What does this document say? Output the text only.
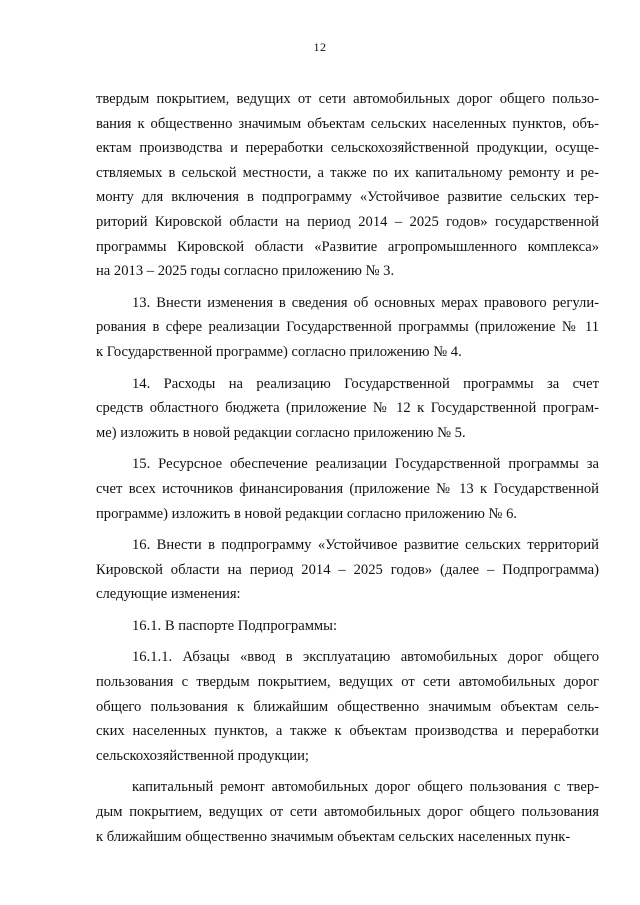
12
твердым покрытием, ведущих от сети автомобильных дорог общего пользо-
вания к общественно значимым объектам сельских населенных пунктов, объ-
ектам производства и переработки сельскохозяйственной продукции, осуще-
ствляемых в сельской местности, а также по их капитальному ремонту и ре-
монту для включения в подпрограмму «Устойчивое развитие сельских тер-
риторий Кировской области на период 2014 – 2025 годов» государственной
программы Кировской области «Развитие агропромышленного комплекса»
на 2013 – 2025 годы согласно приложению № 3.
13. Внести изменения в сведения об основных мерах правового регули-
рования в сфере реализации Государственной программы (приложение № 11
к Государственной программе) согласно приложению № 4.
14. Расходы на реализацию Государственной программы за счет
средств областного бюджета (приложение № 12 к Государственной програм-
ме) изложить в новой редакции согласно приложению № 5.
15. Ресурсное обеспечение реализации Государственной программы за
счет всех источников финансирования (приложение № 13 к Государственной
программе) изложить в новой редакции согласно приложению № 6.
16. Внести в подпрограмму «Устойчивое развитие сельских территорий
Кировской области на период 2014 – 2025 годов» (далее – Подпрограмма)
следующие изменения:
16.1. В паспорте Подпрограммы:
16.1.1. Абзацы «ввод в эксплуатацию автомобильных дорог общего
пользования с твердым покрытием, ведущих от сети автомобильных дорог
общего пользования к ближайшим общественно значимым объектам сель-
ских населенных пунктов, а также к объектам производства и переработки
сельскохозяйственной продукции;
капитальный ремонт автомобильных дорог общего пользования с твер-
дым покрытием, ведущих от сети автомобильных дорог общего пользования
к ближайшим общественно значимым объектам сельских населенных пунк-
